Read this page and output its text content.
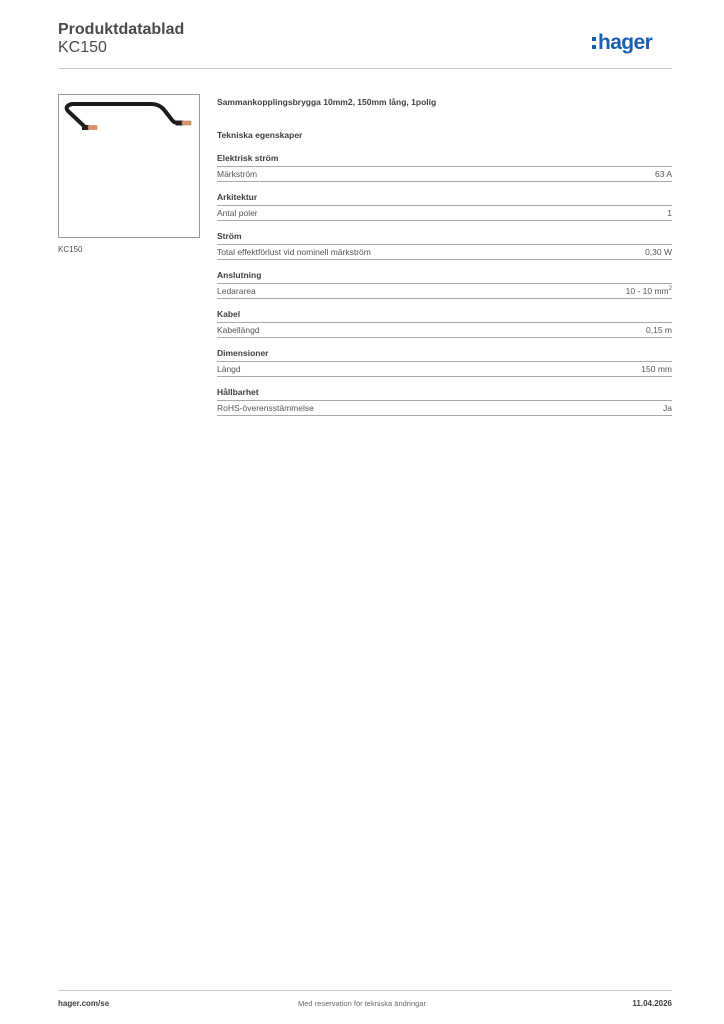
Produktdatablad
KC150	hager
KC150
Sammankopplingsbrygga 10mm2, 150mm lång, 1polig
Tekniska egenskaper
Elektrisk ström
Märkström	63 A
Arkitektur
Antal poler	1
Ström
Total effektförlust vid nominell märkström	0,30 W
Anslutning
Ledararea	10 - 10 $mm^2$
Kabel
Kabellängd	0,15 m
Dimensioner
Längd	150 mm
Hållbarhet
RoHS-överensstämmelse	Ja
hager.com/se	Med reservation för tekniska ändringar	11.04.2026
